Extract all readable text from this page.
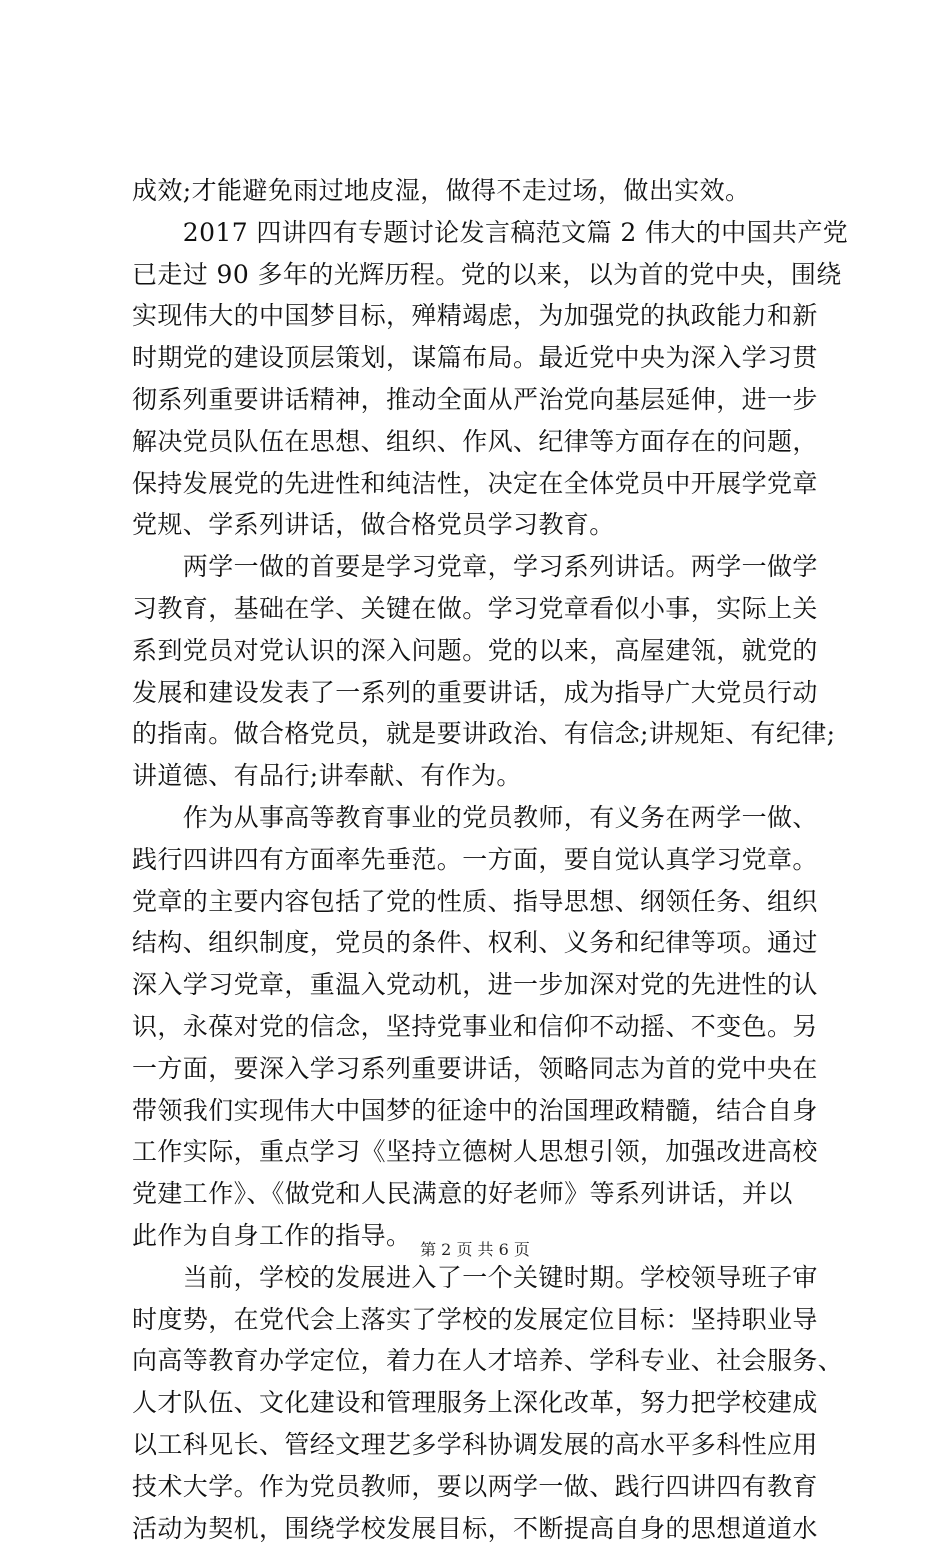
成效;才能避免雨过地皮湿，做得不走过场，做出实效。
　　2017 四讲四有专题讨论发言稿范文篇 2 伟大的中国共产党
已走过 90 多年的光辉历程。党的以来，以为首的党中央，围绕
实现伟大的中国梦目标，殚精竭虑，为加强党的执政能力和新
时期党的建设顶层策划，谋篇布局。最近党中央为深入学习贯
彻系列重要讲话精神，推动全面从严治党向基层延伸，进一步
解决党员队伍在思想、组织、作风、纪律等方面存在的问题，
保持发展党的先进性和纯洁性，决定在全体党员中开展学党章
党规、学系列讲话，做合格党员学习教育。
　　两学一做的首要是学习党章，学习系列讲话。两学一做学
习教育，基础在学、关键在做。学习党章看似小事，实际上关
系到党员对党认识的深入问题。党的以来，高屋建瓴，就党的
发展和建设发表了一系列的重要讲话，成为指导广大党员行动
的指南。做合格党员，就是要讲政治、有信念;讲规矩、有纪律;
讲道德、有品行;讲奉献、有作为。
　　作为从事高等教育事业的党员教师，有义务在两学一做、
践行四讲四有方面率先垂范。一方面，要自觉认真学习党章。
党章的主要内容包括了党的性质、指导思想、纲领任务、组织
结构、组织制度，党员的条件、权利、义务和纪律等项。通过
深入学习党章，重温入党动机，进一步加深对党的先进性的认
识，永葆对党的信念，坚持党事业和信仰不动摇、不变色。另
一方面，要深入学习系列重要讲话，领略同志为首的党中央在
带领我们实现伟大中国梦的征途中的治国理政精髓，结合自身
工作实际，重点学习《坚持立德树人思想引领，加强改进高校
党建工作》、《做党和人民满意的好老师》等系列讲话，并以
此作为自身工作的指导。
　　当前，学校的发展进入了一个关键时期。学校领导班子审
时度势，在党代会上落实了学校的发展定位目标：坚持职业导
向高等教育办学定位，着力在人才培养、学科专业、社会服务、
人才队伍、文化建设和管理服务上深化改革，努力把学校建成
以工科见长、管经文理艺多学科协调发展的高水平多科性应用
技术大学。作为党员教师，要以两学一做、践行四讲四有教育
活动为契机，围绕学校发展目标，不断提高自身的思想道道水
第 2 页 共 6 页
